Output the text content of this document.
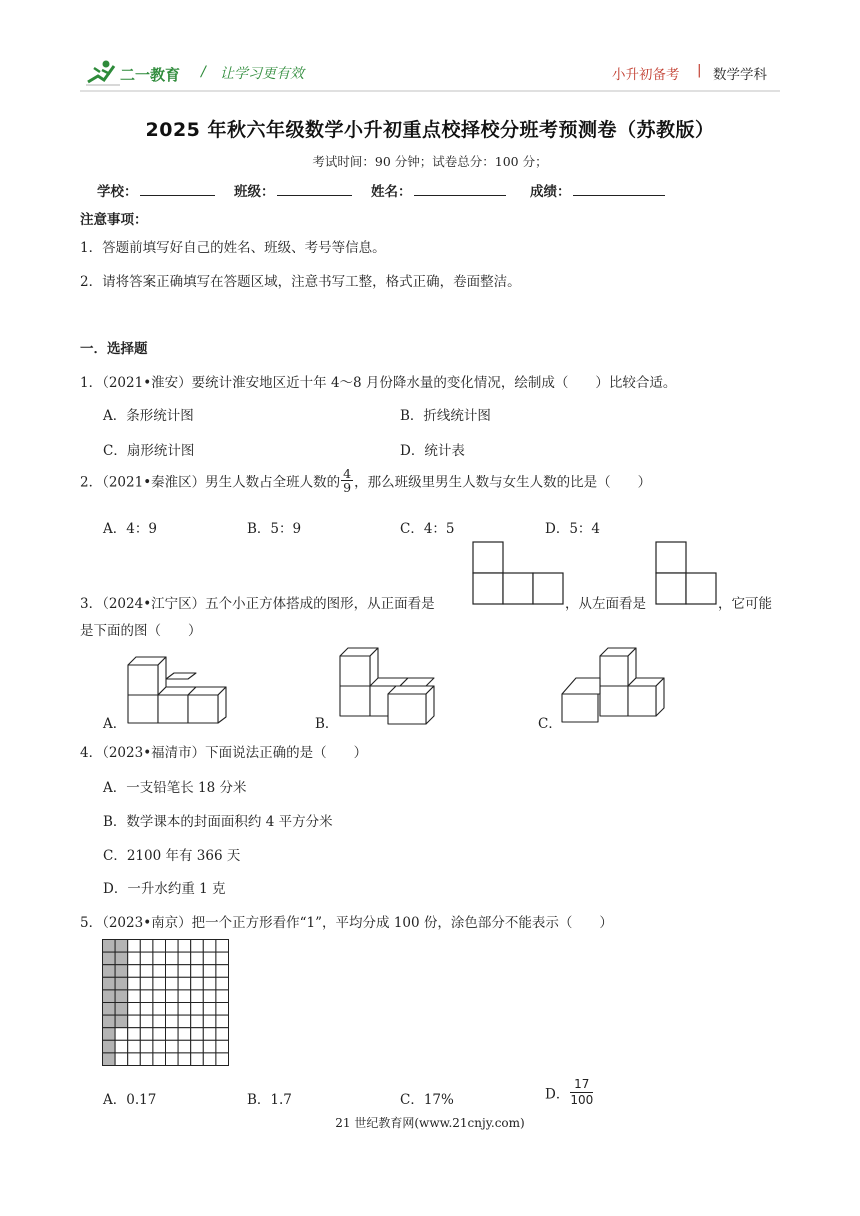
二一教育 / 让学习更有效	小升初备考 | 数学学科
2025 年秋六年级数学小升初重点校择校分班考预测卷（苏教版）
考试时间：90 分钟；试卷总分：100 分；
学校：	班级：	姓名：	成绩：
注意事项：
1．答题前填写好自己的姓名、班级、考号等信息。
2．请将答案正确填写在答题区域，注意书写工整，格式正确，卷面整洁。
一．选择题
1．（2021•淮安）要统计淮安地区近十年 4～8 月份降水量的变化情况，绘制成（　　）比较合适。
A．条形统计图	B．折线统计图
C．扇形统计图	D．统计表
2．（2021•秦淮区）男生人数占全班人数的 $\frac{4}{9}$ ，那么班级里男生人数与女生人数的比是（　　）
A．4：9	B．5：9	C．4：5	D．5：4
3．（2024•江宁区）五个小正方体搭成的图形，从正面看是	，从左面看是	，它可能
是下面的图（　　）
A．	B．	C．
4．（2023•福清市）下面说法正确的是（　　）
A．一支铅笔长 18 分米
B．数学课本的封面面积约 4 平方分米
C．2100 年有 366 天
D．一升水约重 1 克
5．（2023•南京）把一个正方形看作“1”，平均分成 100 份，涂色部分不能表示（　　）
A．0.17	B．1.7	C．17%	D． $\frac{17}{100}$
21 世纪教育网(www.21cnjy.com)
